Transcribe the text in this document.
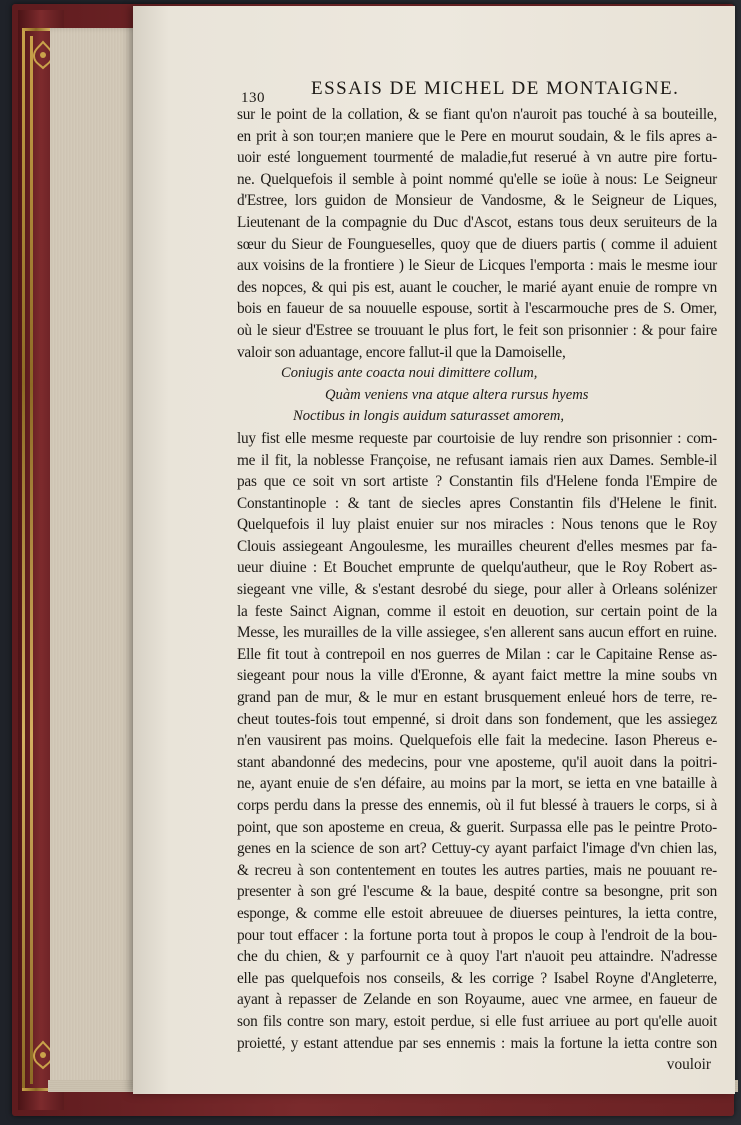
130 ESSAIS DE MICHEL DE MONTAIGNE.
sur le point de la collation, & se fiant qu'on n'auroit pas touché à sa bouteille,
en prit à son tour;en maniere que le Pere en mourut soudain, & le fils apres a-
uoir esté longuement tourmenté de maladie,fut reserué à vn autre pire fortu-
ne. Quelquefois il semble à point nommé qu'elle se ioüe à nous: Le Seigneur
d'Estree, lors guidon de Monsieur de Vandosme, & le Seigneur de Liques,
Lieutenant de la compagnie du Duc d'Ascot, estans tous deux seruiteurs de la
sœur du Sieur de Foungueselles, quoy que de diuers partis ( comme il aduient
aux voisins de la frontiere ) le Sieur de Licques l'emporta : mais le mesme iour
des nopces, & qui pis est, auant le coucher, le marié ayant enuie de rompre vn
bois en faueur de sa nouuelle espouse, sortit à l'escarmouche pres de S. Omer,
où le sieur d'Estree se trouuant le plus fort, le feit son prisonnier : & pour faire
valoir son aduantage, encore fallut-il que la Damoiselle,
Coniugis ante coacta noui dimittere collum,
Quàm veniens vna atque altera rursus hyems
Noctibus in longis auidum saturasset amorem,
luy fist elle mesme requeste par courtoisie de luy rendre son prisonnier : com-
me il fit, la noblesse Françoise, ne refusant iamais rien aux Dames. Semble-il
pas que ce soit vn sort artiste ? Constantin fils d'Helene fonda l'Empire de
Constantinople : & tant de siecles apres Constantin fils d'Helene le finit.
Quelquefois il luy plaist enuier sur nos miracles : Nous tenons que le Roy
Clouis assiegeant Angoulesme, les murailles cheurent d'elles mesmes par fa-
ueur diuine : Et Bouchet emprunte de quelqu'autheur, que le Roy Robert as-
siegeant vne ville, & s'estant desrobé du siege, pour aller à Orleans solénizer
la feste Sainct Aignan, comme il estoit en deuotion, sur certain point de la
Messe, les murailles de la ville assiegee, s'en allerent sans aucun effort en ruine.
Elle fit tout à contrepoil en nos guerres de Milan : car le Capitaine Rense as-
siegeant pour nous la ville d'Eronne, & ayant faict mettre la mine soubs vn
grand pan de mur, & le mur en estant brusquement enleué hors de terre, re-
cheut toutes-fois tout empenné, si droit dans son fondement, que les assiegez
n'en vausirent pas moins. Quelquefois elle fait la medecine. Iason Phereus e-
stant abandonné des medecins, pour vne aposteme, qu'il auoit dans la poitri-
ne, ayant enuie de s'en défaire, au moins par la mort, se ietta en vne bataille à
corps perdu dans la presse des ennemis, où il fut blessé à trauers le corps, si à
point, que son aposteme en creua, & guerit. Surpassa elle pas le peintre Proto-
genes en la science de son art? Cettuy-cy ayant parfaict l'image d'vn chien las,
& recreu à son contentement en toutes les autres parties, mais ne pouuant re-
presenter à son gré l'escume & la baue, despité contre sa besongne, prit son
esponge, & comme elle estoit abreuuee de diuerses peintures, la ietta contre,
pour tout effacer : la fortune porta tout à propos le coup à l'endroit de la bou-
che du chien, & y parfournit ce à quoy l'art n'auoit peu attaindre. N'adresse
elle pas quelquefois nos conseils, & les corrige ? Isabel Royne d'Angleterre,
ayant à repasser de Zelande en son Royaume, auec vne armee, en faueur de
son fils contre son mary, estoit perdue, si elle fust arriuee au port qu'elle auoit
proietté, y estant attendue par ses ennemis : mais la fortune la ietta contre son
vouloir
